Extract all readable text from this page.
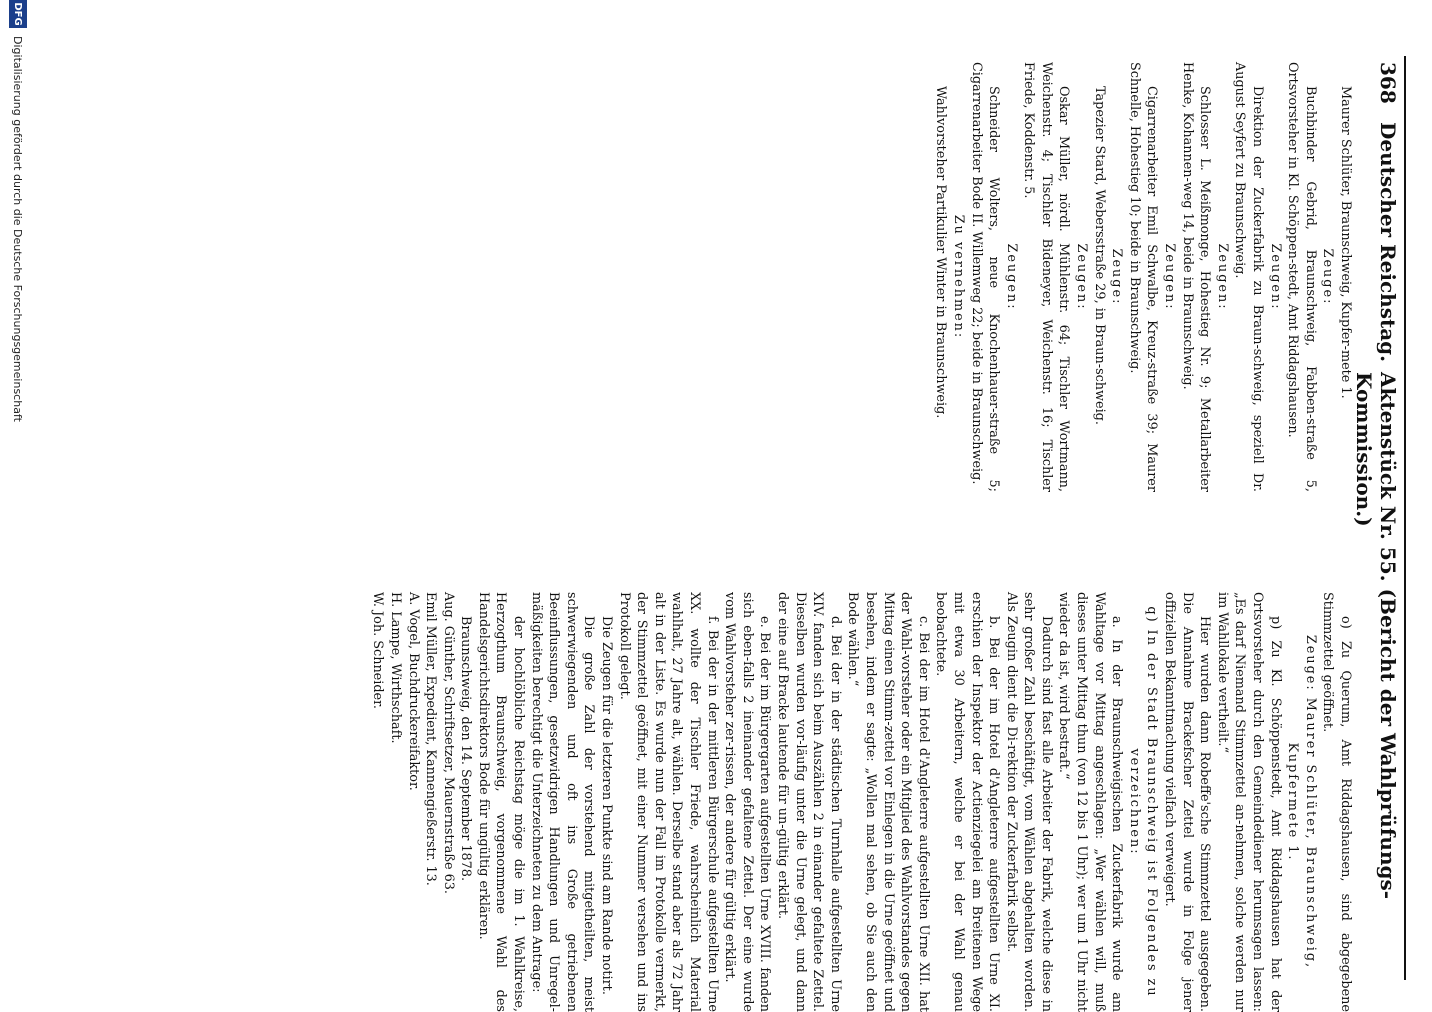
368
Deutscher Reichstag.
Aktenstück Nr. 55. (Bericht der Wahlprüfungs-Kommission.)

Maurer Schlüter, Braunschweig, Kupfer-mete 1.

Zeuge:

Buchbinder Gebrid, Braunschweig, Fabben-straße 5, Ortsvorsteher in Kl. Schöppen-stedt, Amt Riddagshausen.

Zeugen:

Direktion der Zuckerfabrik zu Braun-schweig, speziell Dr. August Seyfert zu Braunschweig.

Zeugen:

Schlosser L. Meißmonge, Hohestieg Nr. 9; Metallarbeiter Henke, Kohannen-weg 14, beide in Braunschweig.

Zeugen:

Cigarrenarbeiter Emil Schwalbe, Kreuz-straße 39; Maurer Schnelle, Hohestieg 10; beide in Braunschweig.

Zeuge:

Tapezier Stard, Webersstraße 29, in Braun-schweig.

Zeugen:

Oskar Müller, nördl. Mühlenstr. 64; Tischler Wortmann, Weichenstr. 4; Tischler Bideneyer, Weichenstr. 16; Tischler Friede, Koddenstr. 5.

Zeugen:

Schneider Wolters, neue Knochenhauer-straße 5; Cigarrenarbeiter Bode II. Willemweg 22; beide in Braunschweig.

Zu vernehmen:

Wahlvorsteher Partikulier Winter in Braunschweig.

o) Zu Querum, Amt Riddagshausen, sind abgegebene Stimmzettel geöffnet.

Zeuge: Maurer Schlüter, Braunschweig, Kupfermete 1.

p) Zu Kl. Schöppenstedt, Amt Riddagshausen hat der Ortsvorsteher durch den Gemeindediener herumsagen lassen: „Es darf Niemand Stimmzettel an-nehmen, solche werden nur im Wahllokale vertheilt.“

Hier wurden dann Robeffe'sche Stimmzettel ausgegeben. Die Annahme Brackefscher Zettel wurde in Folge jener offiziellen Bekanntmachung vielfach verweigert.

q) In der Stadt Braunschweig ist Folgendes zu verzeichnen:

a. In der Braunschweigischen Zuckerfabrik wurde am Wahltage vor Mittag angeschlagen: „Wer wählen will, muß dieses unter Mittag thun (von 12 bis 1 Uhr); wer um 1 Uhr nicht wieder da ist, wird bestraft.“

Dadurch sind fast alle Arbeiter der Fabrik, welche diese in sehr großer Zahl beschäftigt, vom Wählen abgehalten worden. Als Zeugin dient die Di-rektion der Zuckerfabrik selbst.

b. Bei der im Hotel d'Angleterre aufgestellten Urne XI. erschien der Inspektor der Actienziegelei am Breitenen Wege mit etwa 30 Arbeitern, welche er bei der Wahl genau beobachtete.

c. Bei der im Hotel d'Angleterre aufgestellten Urne XII. hat der Wahl-vorsteher oder ein Mitglied des Wahlvorstandes gegen Mittag einen Stimm-zettel vor Einlegen in die Urne geöffnet und besehen, indem er sagte: „Wollen mal sehen, ob Sie auch den Bode wählen.“

d. Bei der in der städtischen Turnhalle aufgestellten Urne XIV. fanden sich beim Auszählen 2 in einander gefaltete Zettel. Dieselben wurden vor-läufig unter die Urne gelegt, und dann der eine auf Bracke lautende für un-gültig erklärt.

e. Bei der im Bürgergarten aufgestellten Urne XVIII. fanden sich eben-falls 2 ineinander gefaltene Zettel. Der eine wurde vom Wahlvorsteher zer-rissen, der andere für gültig erklärt.

f. Bei der in der mittleren Bürgerschule aufgestellten Urne XX. wollte der Tischler Friede, wahrscheinlich Material wahlhalt, 27 Jahre alt, wählen. Derselbe stand aber als 72 Jahr alt in der Liste. Es wurde nun der Fall im Protokolle vermerkt, der Stimmzettel geöffnet, mit einer Nummer versehen und ins Protokoll gelegt.

Die Zeugen für die letzteren Punkte sind am Rande notirt.

Die große Zahl der vorstehend mitgetheilten, meist schwerwiegenden und oft ins Große getriebenen Beeinflussungen, gesetzwidrigen Handlungen und Unregel-mäßigkeiten berechtigt die Unterzeichneten zu dem Antrage:

der hochlöbliche Reichstag möge die im 1. Wahlkreise, Herzogthum Braunschweig, vorgenommene Wahl des Handelsgerichtsdirektors Bode für ungültig erklären.

Braunschweig, den 14. September 1878.

Aug. Günther, Schriftsetzer, Mauernstraße 63.

Emil Müller, Expedient, Kannengießerstr. 13.

A. Vogel, Buchdruckereifaktor.

H. Lampe, Wirthschaft.

W. Joh. Schneider.

DFG
Digitalisierung gefördert durch die Deutsche Forschungsgemeinschaft
